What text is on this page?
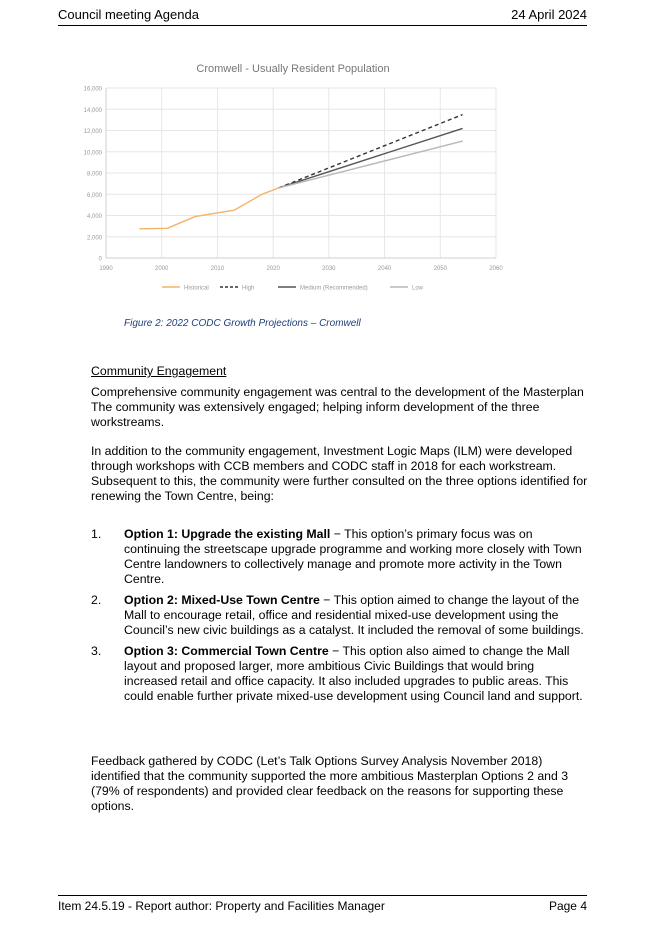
Council meeting Agenda	24 April 2024
Cromwell - Usually Resident Population
0
2,000
4,000
6,000
8,000
10,000
12,000
14,000
16,000
1990	2000	2010	2020	2030	2040	2050	2060
Historical	High	Medium (Recommended)	Low
Figure 2: 2022 CODC Growth Projections – Cromwell
Community Engagement
Comprehensive community engagement was central to the development of the Masterplan The community was extensively engaged; helping inform development of the three workstreams.
In addition to the community engagement, Investment Logic Maps (ILM) were developed through workshops with CCB members and CODC staff in 2018 for each workstream. Subsequent to this, the community were further consulted on the three options identified for renewing the Town Centre, being:
1. Option 1: Upgrade the existing Mall − This option’s primary focus was on continuing the streetscape upgrade programme and working more closely with Town Centre landowners to collectively manage and promote more activity in the Town Centre.
2. Option 2: Mixed-Use Town Centre − This option aimed to change the layout of the Mall to encourage retail, office and residential mixed-use development using the Council’s new civic buildings as a catalyst. It included the removal of some buildings.
3. Option 3: Commercial Town Centre − This option also aimed to change the Mall layout and proposed larger, more ambitious Civic Buildings that would bring increased retail and office capacity. It also included upgrades to public areas. This could enable further private mixed-use development using Council land and support.
Feedback gathered by CODC (Let’s Talk Options Survey Analysis November 2018) identified that the community supported the more ambitious Masterplan Options 2 and 3 (79% of respondents) and provided clear feedback on the reasons for supporting these options.
Item 24.5.19 - Report author: Property and Facilities Manager	Page 4
